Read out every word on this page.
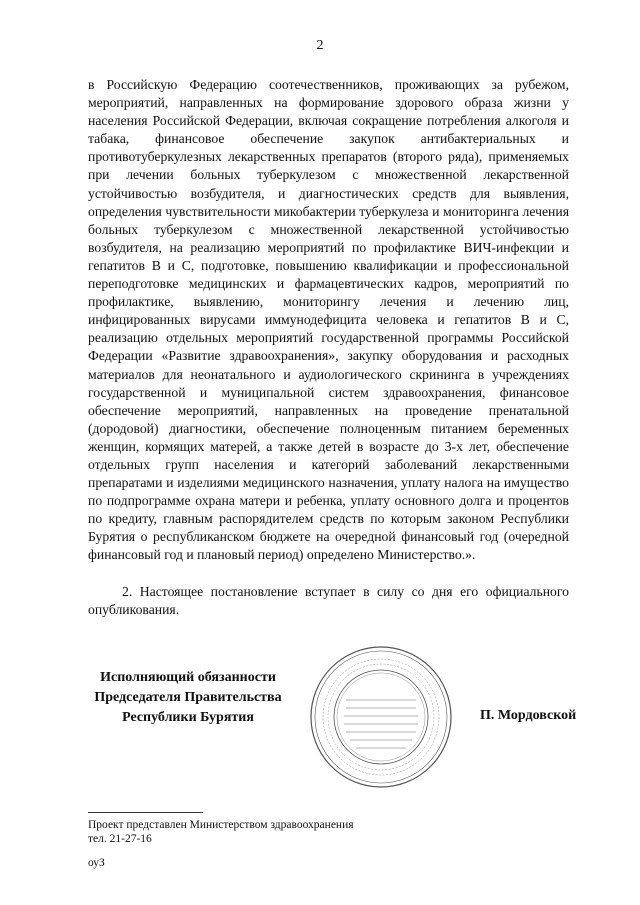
2

в Российскую Федерацию соотечественников, проживающих за рубежом, мероприятий, направленных на формирование здорового образа жизни у населения Российской Федерации, включая сокращение потребления алкоголя и табака, финансовое обеспечение закупок антибактериальных и противотуберкулезных лекарственных препаратов (второго ряда), применяемых при лечении больных туберкулезом с множественной лекарственной устойчивостью возбудителя, и диагностических средств для выявления, определения чувствительности микобактерии туберкулеза и мониторинга лечения больных туберкулезом с множественной лекарственной устойчивостью возбудителя, на реализацию мероприятий по профилактике ВИЧ-инфекции и гепатитов В и С, подготовке, повышению квалификации и профессиональной переподготовке медицинских и фармацевтических кадров, мероприятий по профилактике, выявлению, мониторингу лечения и лечению лиц, инфицированных вирусами иммунодефицита человека и гепатитов В и С, реализацию отдельных мероприятий государственной программы Российской Федерации «Развитие здравоохранения», закупку оборудования и расходных материалов для неонатального и аудиологического скрининга в учреждениях государственной и муниципальной систем здравоохранения, финансовое обеспечение мероприятий, направленных на проведение пренатальной (дородовой) диагностики, обеспечение полноценным питанием беременных женщин, кормящих матерей, а также детей в возрасте до 3-х лет, обеспечение отдельных групп населения и категорий заболеваний лекарственными препаратами и изделиями медицинского назначения, уплату налога на имущество по подпрограмме охрана матери и ребенка, уплату основного долга и процентов по кредиту, главным распорядителем средств по которым законом Республики Бурятия о республиканском бюджете на очередной финансовый год (очередной финансовый год и плановый период) определено Министерство.».

2. Настоящее постановление вступает в силу со дня его официального опубликования.

Исполняющий обязанности
Председателя Правительства
Республики Бурятия	П. Мордовской
Проект представлен Министерством здравоохранения
тел. 21-27-16
оуЗ
